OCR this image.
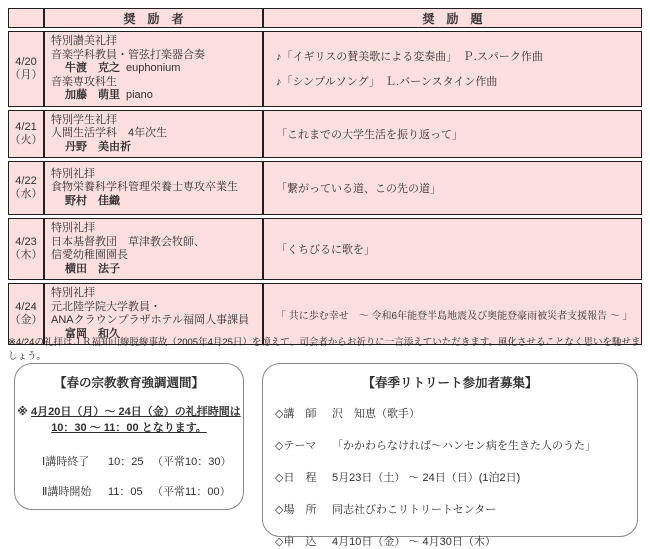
	奨　励　者	奨　励　題

4/20
（月）

特別讃美礼拝
音楽学科教員・管弦打楽器合奏
牛渡　克之 euphonium
音楽専攻科生
加藤　萌里 piano

♪「イギリスの賛美歌による変奏曲」　Ｐ.スパーク作曲
♪「シンプルソング」　Ｌ.バーンスタイン作曲

4/21
（火）

特別学生礼拝
人間生活学科　4年次生
丹野　美由祈

「これまでの大学生活を振り返って」

4/22
（水）

特別礼拝
食物栄養科学科管理栄養士専攻卒業生
野村　佳織

「繋がっている道、この先の道」

4/23
（木）

特別礼拝
日本基督教団　草津教会牧師、
信愛幼稚園園長
横田　法子

「くちびるに歌を」

4/24
（金）

特別礼拝
元北陸学院大学教員・
ANAクラウンプラザホテル福岡人事課員
富岡　和久

「 共に歩む幸せ　～ 令和6年能登半島地震及び奥能登豪雨被災者支援報告 ～ 」
※4/24の礼拝はＪＲ福知山線脱線事故（2005年4月25日）を憶えて、司会者からお祈りに一言添えていただきます。風化させることなく思いを馳せましょう。
【春の宗教教育強調週間】
※ 4月20日（月）～ 24日（金）の礼拝時間は
10：30 ～ 11：00 となります。
Ⅰ講時終了	10：25 （平常10：30）
Ⅱ講時開始	11：05 （平常11：00）
【春季リトリート参加者募集】
◇講　師	沢　知恵（歌手）
◇テーマ	「かかわらなければ～ハンセン病を生きた人のうた」
◇日　程	5月23日（土） ～ 24日（日）(1泊2日)
◇場　所	同志社びわこリトリートセンター
◇申　込	4月10日（金） ～ 4月30日（木）
